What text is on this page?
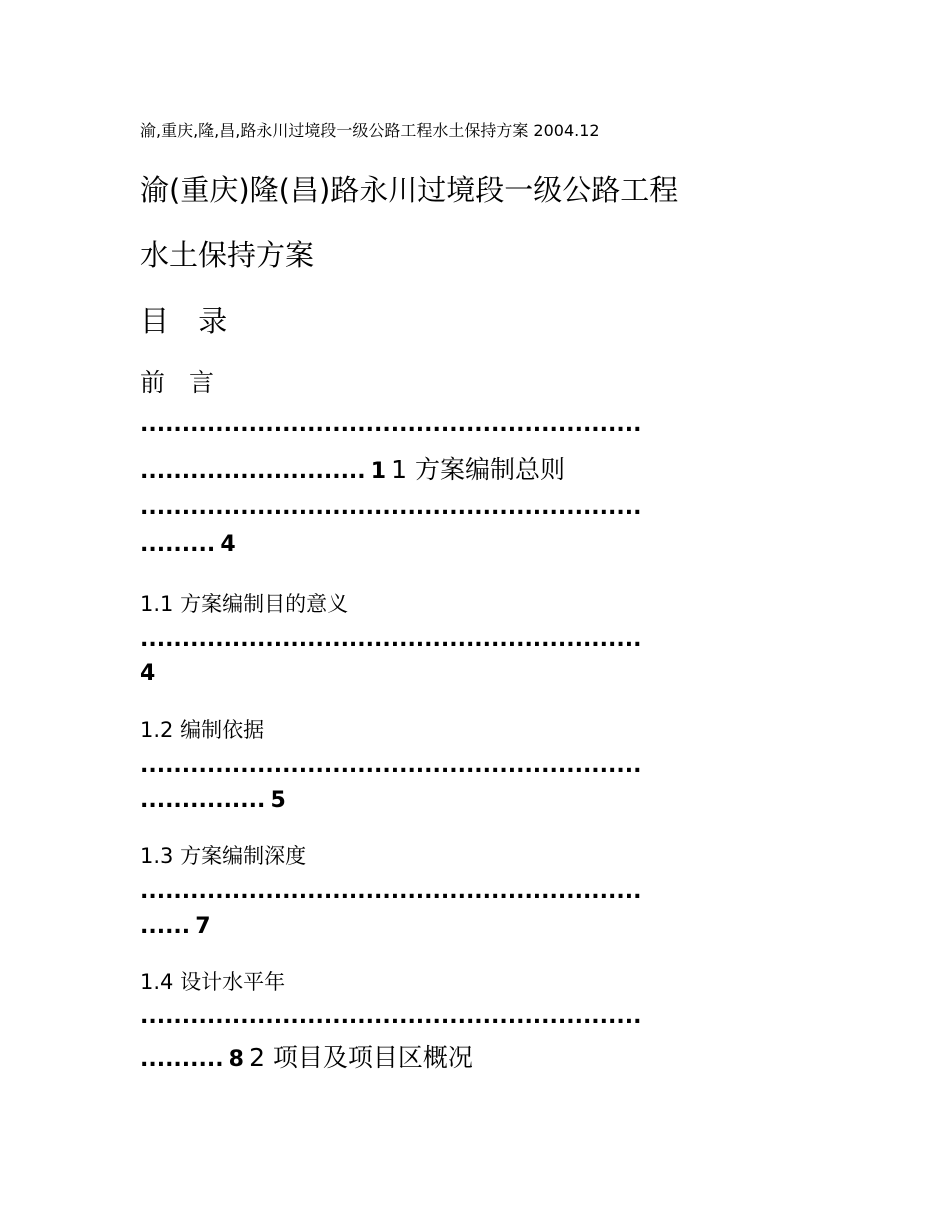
渝,重庆,隆,昌,路永川过境段一级公路工程水土保持方案 2004.12
渝(重庆)隆(昌)路永川过境段一级公路工程
水土保持方案
目 录
前 言
............................................................
........................... 1 1 方案编制总则
............................................................
......... 4
1.1 方案编制目的意义
............................................................
4
1.2 编制依据
............................................................
............... 5
1.3 方案编制深度
............................................................
...... 7
1.4 设计水平年
............................................................
.......... 8 2 项目及项目区概况
